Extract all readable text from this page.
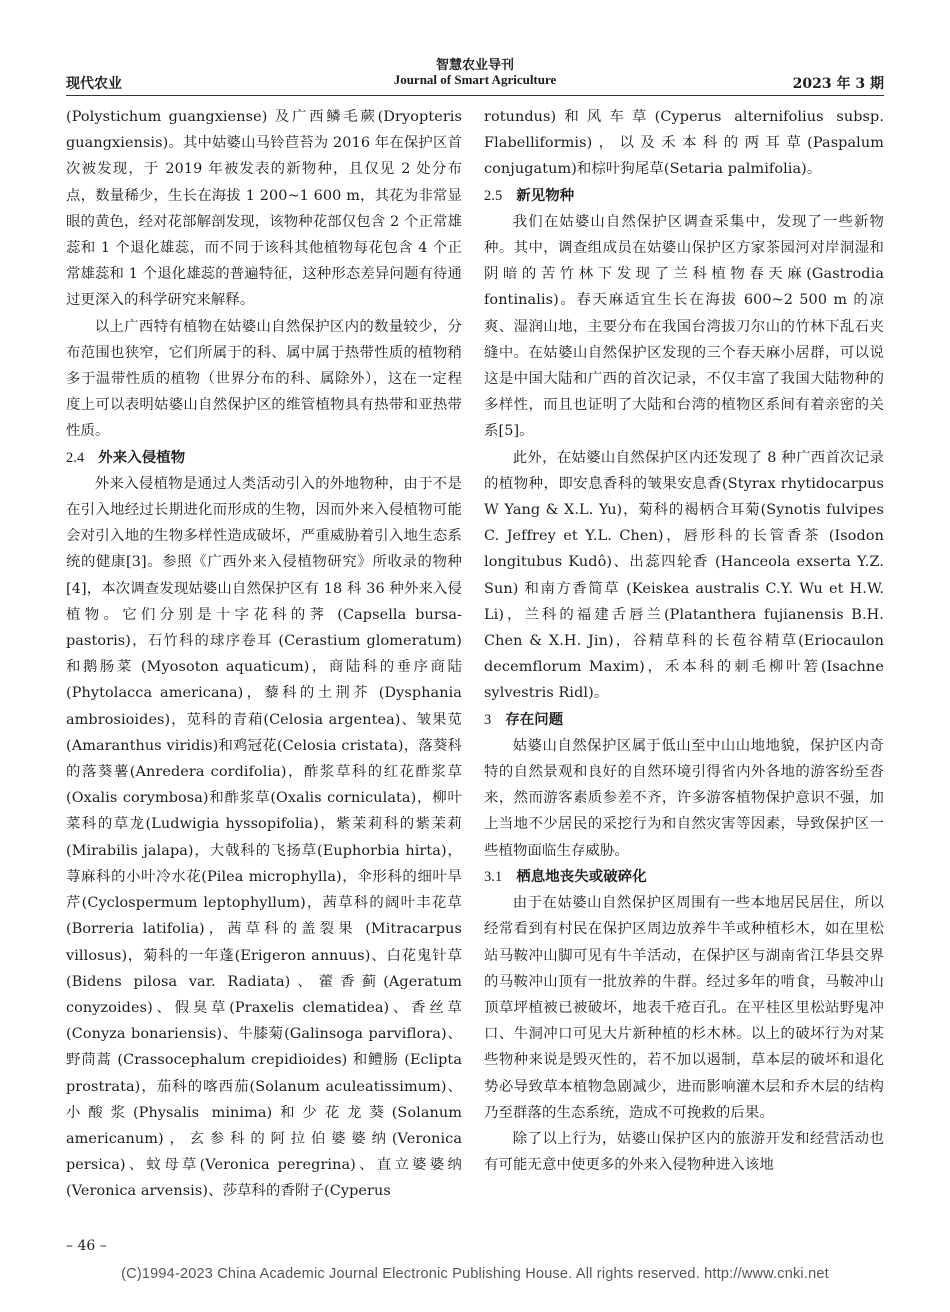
智慧农业导刊
Journal of Smart Agriculture
现代农业	2023 年 3 期

(Polystichum guangxiense) 及广西鳞毛蕨(Dryopteris guangxiensis)。其中姑婆山马铃苣苔为 2016 年在保护区首次被发现，于 2019 年被发表的新物种，且仅见 2 处分布点，数量稀少，生长在海拔 1 200~1 600 m，其花为非常显眼的黄色，经对花部解剖发现，该物种花部仅包含 2 个正常雄蕊和 1 个退化雄蕊，而不同于该科其他植物每花包含 4 个正常雄蕊和 1 个退化雄蕊的普遍特征，这种形态差异问题有待通过更深入的科学研究来解释。

以上广西特有植物在姑婆山自然保护区内的数量较少，分布范围也狭窄，它们所属于的科、属中属于热带性质的植物稍多于温带性质的植物（世界分布的科、属除外），这在一定程度上可以表明姑婆山自然保护区的维管植物具有热带和亚热带性质。

2.4 外来入侵植物

外来入侵植物是通过人类活动引入的外地物种，由于不是在引入地经过长期进化而形成的生物，因而外来入侵植物可能会对引入地的生物多样性造成破坏，严重威胁着引入地生态系统的健康[3]。参照《广西外来入侵植物研究》所收录的物种[4]，本次调查发现姑婆山自然保护区有 18 科 36 种外来入侵植物。它们分别是十字花科的荠 (Capsella bursa-pastoris)，石竹科的球序卷耳 (Cerastium glomeratum) 和鹅肠菜 (Myosoton aquaticum)，商陆科的垂序商陆(Phytolacca americana)，藜科的土荆芥 (Dysphania ambrosioides)，苋科的青葙(Celosia argentea)、皱果苋(Amaranthus viridis)和鸡冠花(Celosia cristata)，落葵科的落葵薯(Anredera cordifolia)，酢浆草科的红花酢浆草(Oxalis corymbosa)和酢浆草(Oxalis corniculata)，柳叶菜科的草龙(Ludwigia hyssopifolia)，紫茉莉科的紫茉莉(Mirabilis jalapa)，大戟科的飞扬草(Euphorbia hirta)，荨麻科的小叶冷水花(Pilea microphylla)，伞形科的细叶旱芹(Cyclospermum leptophyllum)，茜草科的阔叶丰花草(Borreria latifolia)，茜草科的盖裂果 (Mitracarpus villosus)，菊科的一年蓬(Erigeron annuus)、白花鬼针草(Bidens pilosa var. Radiata)、藿香蓟(Ageratum conyzoides)、假臭草(Praxelis clematidea)、香丝草 (Conyza bonariensis)、牛膝菊(Galinsoga parviflora)、野茼蒿 (Crassocephalum crepidioides) 和鳢肠 (Eclipta prostrata)，茄科的喀西茄(Solanum aculeatissimum)、小酸浆(Physalis minima)和少花龙葵(Solanum americanum)，玄参科的阿拉伯婆婆纳(Veronica persica)、蚊母草(Veronica peregrina)、直立婆婆纳(Veronica arvensis)、莎草科的香附子(Cyperus

rotundus)和风车草(Cyperus alternifolius subsp. Flabelliformis)，以及禾本科的两耳草(Paspalum conjugatum)和棕叶狗尾草(Setaria palmifolia)。

2.5 新见物种

我们在姑婆山自然保护区调查采集中，发现了一些新物种。其中，调查组成员在姑婆山保护区方家茶园河对岸洞湿和阴暗的苦竹林下发现了兰科植物春天麻(Gastrodia fontinalis)。春天麻适宜生长在海拔 600~2 500 m 的凉爽、湿润山地，主要分布在我国台湾拔刀尔山的竹林下乱石夹缝中。在姑婆山自然保护区发现的三个春天麻小居群，可以说这是中国大陆和广西的首次记录，不仅丰富了我国大陆物种的多样性，而且也证明了大陆和台湾的植物区系间有着亲密的关系[5]。

此外，在姑婆山自然保护区内还发现了 8 种广西首次记录的植物种，即安息香科的皱果安息香(Styrax rhytidocarpus W Yang & X.L. Yu)，菊科的褐柄合耳菊(Synotis fulvipes C. Jeffrey et Y.L. Chen)，唇形科的长管香茶 (Isodon longitubus Kudô)、出蕊四轮香 (Hanceola exserta Y.Z. Sun) 和南方香简草 (Keiskea australis C.Y. Wu et H.W. Li)，兰科的福建舌唇兰(Platanthera fujianensis B.H. Chen & X.H. Jin)，谷精草科的长苞谷精草(Eriocaulon decemflorum Maxim)，禾本科的刺毛柳叶箬(Isachne sylvestris Ridl)。

3 存在问题

姑婆山自然保护区属于低山至中山山地地貌，保护区内奇特的自然景观和良好的自然环境引得省内外各地的游客纷至沓来，然而游客素质参差不齐，许多游客植物保护意识不强，加上当地不少居民的采挖行为和自然灾害等因素，导致保护区一些植物面临生存威胁。

3.1 栖息地丧失或破碎化

由于在姑婆山自然保护区周围有一些本地居民居住，所以经常看到有村民在保护区周边放养牛羊或种植杉木，如在里松站马鞍冲山脚可见有牛羊活动，在保护区与湖南省江华县交界的马鞍冲山顶有一批放养的牛群。经过多年的啃食，马鞍冲山顶草坪植被已被破坏，地表千疮百孔。在平桂区里松站野鬼冲口、牛洞冲口可见大片新种植的杉木林。以上的破坏行为对某些物种来说是毁灭性的，若不加以遏制，草本层的破坏和退化势必导致草本植物急剧减少，进而影响灌木层和乔木层的结构乃至群落的生态系统，造成不可挽救的后果。

除了以上行为，姑婆山保护区内的旅游开发和经营活动也有可能无意中使更多的外来入侵物种进入该地

– 46 –
(C)1994-2023 China Academic Journal Electronic Publishing House. All rights reserved. http://www.cnki.net
